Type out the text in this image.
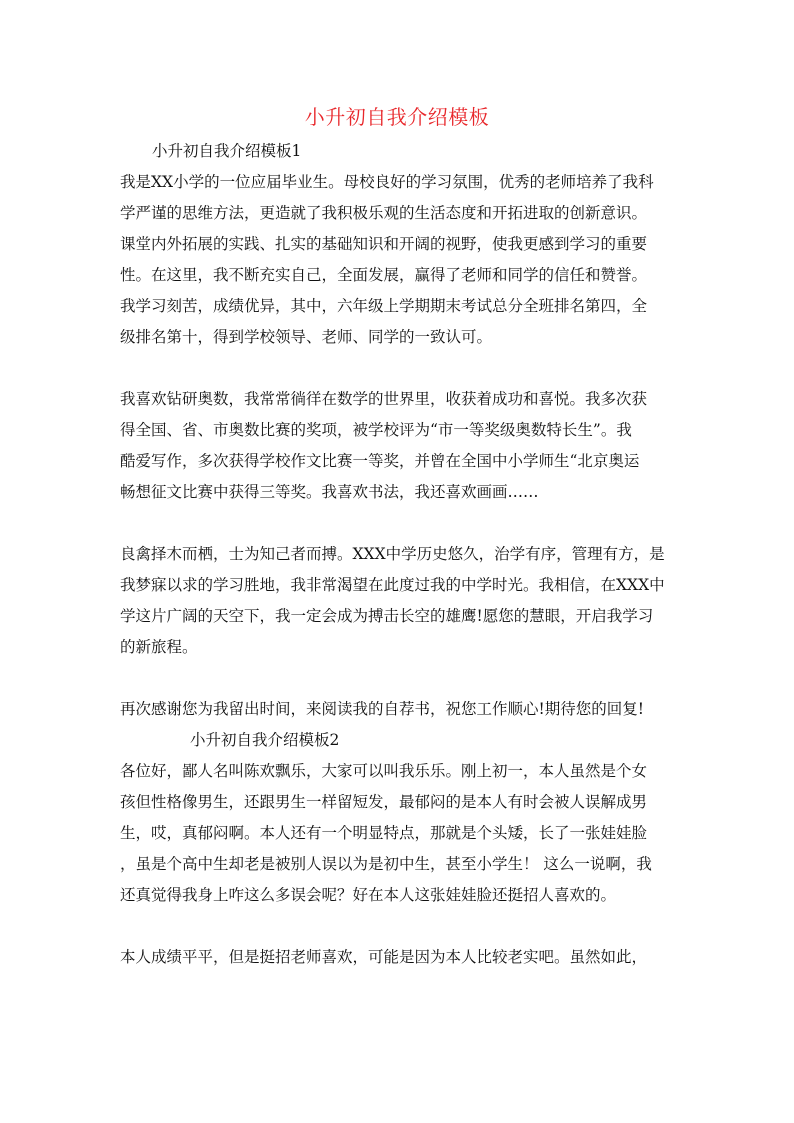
小升初自我介绍模板
小升初自我介绍模板1
我是XX小学的一位应届毕业生。母校良好的学习氛围，优秀的老师培养了我科
学严谨的思维方法，更造就了我积极乐观的生活态度和开拓进取的创新意识。
课堂内外拓展的实践、扎实的基础知识和开阔的视野，使我更感到学习的重要
性。在这里，我不断充实自己，全面发展，赢得了老师和同学的信任和赞誉。
我学习刻苦，成绩优异，其中，六年级上学期期末考试总分全班排名第四，全
级排名第十，得到学校领导、老师、同学的一致认可。
我喜欢钻研奥数，我常常徜徉在数学的世界里，收获着成功和喜悦。我多次获
得全国、省、市奥数比赛的奖项，被学校评为“市一等奖级奥数特长生”。我
酷爱写作，多次获得学校作文比赛一等奖，并曾在全国中小学师生“北京奥运
畅想征文比赛中获得三等奖。我喜欢书法，我还喜欢画画……
良禽择木而栖，士为知己者而搏。XXX中学历史悠久，治学有序，管理有方，是
我梦寐以求的学习胜地，我非常渴望在此度过我的中学时光。我相信，在XXX中
学这片广阔的天空下，我一定会成为搏击长空的雄鹰!愿您的慧眼，开启我学习
的新旅程。
再次感谢您为我留出时间，来阅读我的自荐书，祝您工作顺心!期待您的回复!
小升初自我介绍模板2
各位好，鄙人名叫陈欢飘乐，大家可以叫我乐乐。刚上初一，本人虽然是个女
孩但性格像男生，还跟男生一样留短发，最郁闷的是本人有时会被人误解成男
生，哎，真郁闷啊。本人还有一个明显特点，那就是个头矮，长了一张娃娃脸
，虽是个高中生却老是被别人误以为是初中生，甚至小学生！ 这么一说啊，我
还真觉得我身上咋这么多误会呢？好在本人这张娃娃脸还挺招人喜欢的。
本人成绩平平，但是挺招老师喜欢，可能是因为本人比较老实吧。虽然如此，
